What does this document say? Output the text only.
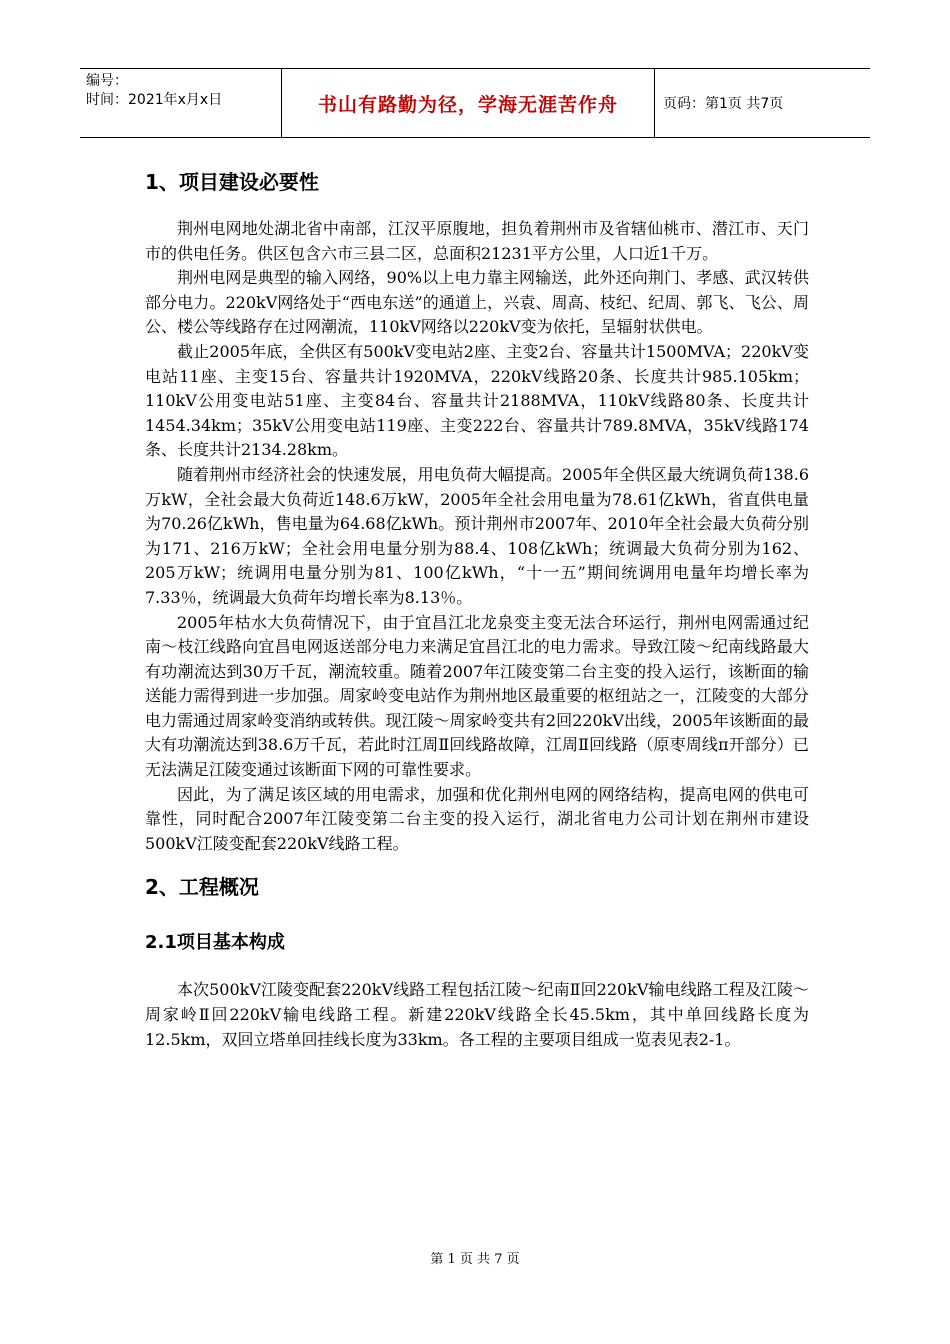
编号：
时间：2021年x月x日	书山有路勤为径，学海无涯苦作舟	页码：第1页 共7页
1、项目建设必要性

荆州电网地处湖北省中南部，江汉平原腹地，担负着荆州市及省辖仙桃市、潜江市、天门市的供电任务。供区包含六市三县二区，总面积21231平方公里，人口近1千万。

荆州电网是典型的输入网络，90%以上电力靠主网输送，此外还向荆门、孝感、武汉转供部分电力。220kV网络处于“西电东送”的通道上，兴袁、周高、枝纪、纪周、郭飞、飞公、周公、楼公等线路存在过网潮流，110kV网络以220kV变为依托，呈辐射状供电。

截止2005年底，全供区有500kV变电站2座、主变2台、容量共计1500MVA；220kV变电站11座、主变15台、容量共计1920MVA，220kV线路20条、长度共计985.105km；110kV公用变电站51座、主变84台、容量共计2188MVA，110kV线路80条、长度共计1454.34km；35kV公用变电站119座、主变222台、容量共计789.8MVA，35kV线路174条、长度共计2134.28km。

随着荆州市经济社会的快速发展，用电负荷大幅提高。2005年全供区最大统调负荷138.6万kW，全社会最大负荷近148.6万kW，2005年全社会用电量为78.61亿kWh，省直供电量为70.26亿kWh，售电量为64.68亿kWh。预计荆州市2007年、2010年全社会最大负荷分别为171、216万kW；全社会用电量分别为88.4、108亿kWh；统调最大负荷分别为162、205万kW；统调用电量分别为81、100亿kWh，“十一五”期间统调用电量年均增长率为7.33％，统调最大负荷年均增长率为8.13％。

2005年枯水大负荷情况下，由于宜昌江北龙泉变主变无法合环运行，荆州电网需通过纪南～枝江线路向宜昌电网返送部分电力来满足宜昌江北的电力需求。导致江陵～纪南线路最大有功潮流达到30万千瓦，潮流较重。随着2007年江陵变第二台主变的投入运行，该断面的输送能力需得到进一步加强。周家岭变电站作为荆州地区最重要的枢纽站之一，江陵变的大部分电力需通过周家岭变消纳或转供。现江陵～周家岭变共有2回220kV出线，2005年该断面的最大有功潮流达到38.6万千瓦，若此时江周Ⅱ回线路故障，江周Ⅱ回线路（原枣周线π开部分）已无法满足江陵变通过该断面下网的可靠性要求。

因此，为了满足该区域的用电需求，加强和优化荆州电网的网络结构，提高电网的供电可靠性，同时配合2007年江陵变第二台主变的投入运行，湖北省电力公司计划在荆州市建设500kV江陵变配套220kV线路工程。

2、工程概况
2.1项目基本构成

本次500kV江陵变配套220kV线路工程包括江陵～纪南Ⅱ回220kV输电线路工程及江陵～周家岭Ⅱ回220kV输电线路工程。新建220kV线路全长45.5km，其中单回线路长度为12.5km，双回立塔单回挂线长度为33km。各工程的主要项目组成一览表见表2-1。

第 1 页 共 7 页
